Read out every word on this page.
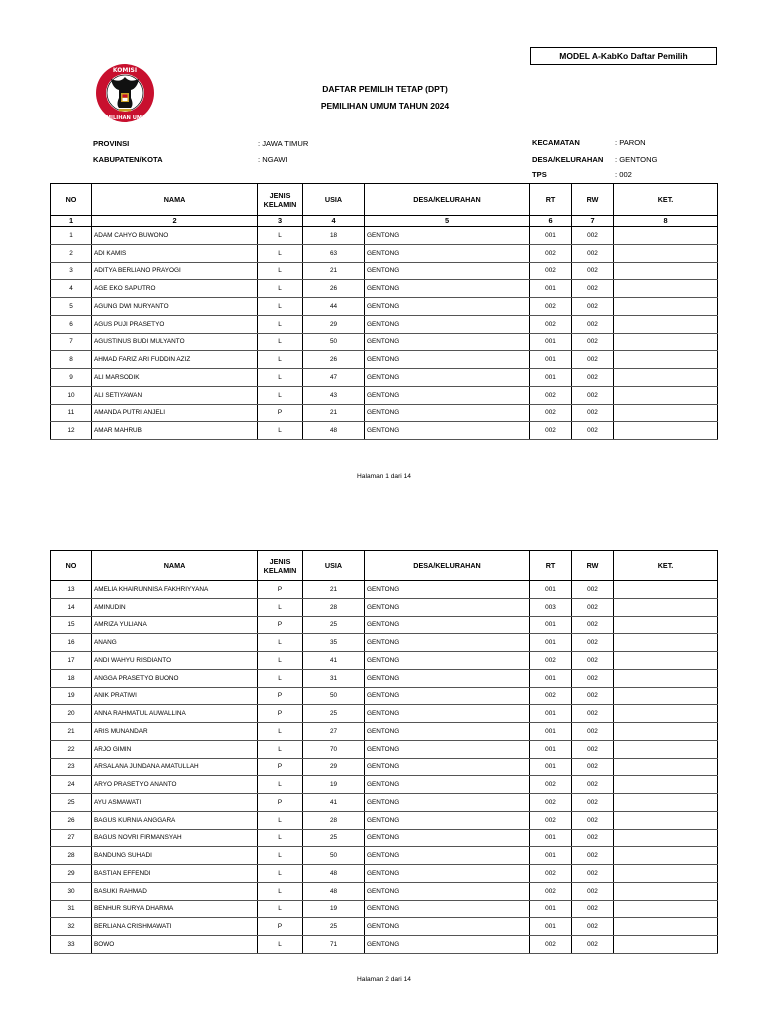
MODEL A-KabKo Daftar Pemilih
KOMISI
PEMILIHAN UMUM
DAFTAR PEMILIH TETAP (DPT)
PEMILIHAN UMUM TAHUN 2024
PROVINSI	: JAWA TIMUR
KABUPATEN/KOTA	: NGAWI
KECAMATAN	: PARON
DESA/KELURAHAN : GENTONG
TPS	: 002
NO	NAMA	JENIS KELAMIN	USIA	DESA/KELURAHAN	RT	RW	KET.
1	2	3	4	5	6	7	8
1	ADAM CAHYO BUWONO	L	18	GENTONG	001	002	
2	ADI KAMIS	L	63	GENTONG	002	002	
3	ADITYA BERLIANO PRAYOGI	L	21	GENTONG	002	002	
4	AGE EKO SAPUTRO	L	26	GENTONG	001	002	
5	AGUNG DWI NURYANTO	L	44	GENTONG	002	002	
6	AGUS PUJI PRASETYO	L	29	GENTONG	002	002	
7	AGUSTINUS BUDI MULYANTO	L	50	GENTONG	001	002	
8	AHMAD FARIZ ARI FUDDIN AZIZ	L	26	GENTONG	001	002	
9	ALI MARSODIK	L	47	GENTONG	001	002	
10	ALI SETIYAWAN	L	43	GENTONG	002	002	
11	AMANDA PUTRI ANJELI	P	21	GENTONG	002	002	
12	AMAR MAHRUB	L	48	GENTONG	002	002	
Halaman 1 dari 14
NO	NAMA	JENIS KELAMIN	USIA	DESA/KELURAHAN	RT	RW	KET.
13	AMELIA KHAIRUNNISA FAKHRIYYANA	P	21	GENTONG	001	002	
14	AMINUDIN	L	28	GENTONG	003	002	
15	AMRIZA YULIANA	P	25	GENTONG	001	002	
16	ANANG	L	35	GENTONG	001	002	
17	ANDI WAHYU RISDIANTO	L	41	GENTONG	002	002	
18	ANGGA PRASETYO BUONO	L	31	GENTONG	001	002	
19	ANIK PRATIWI	P	50	GENTONG	002	002	
20	ANNA RAHMATUL AUWALLINA	P	25	GENTONG	001	002	
21	ARIS MUNANDAR	L	27	GENTONG	001	002	
22	ARJO GIMIN	L	70	GENTONG	001	002	
23	ARSALANA JUNDANA AMATULLAH	P	29	GENTONG	001	002	
24	ARYO PRASETYO ANANTO	L	19	GENTONG	002	002	
25	AYU ASMAWATI	P	41	GENTONG	002	002	
26	BAGUS KURNIA ANGGARA	L	28	GENTONG	002	002	
27	BAGUS NOVRI FIRMANSYAH	L	25	GENTONG	001	002	
28	BANDUNG SUHADI	L	50	GENTONG	001	002	
29	BASTIAN EFFENDI	L	48	GENTONG	002	002	
30	BASUKI RAHMAD	L	48	GENTONG	002	002	
31	BENHUR SURYA DHARMA	L	19	GENTONG	001	002	
32	BERLIANA CRISHMAWATI	P	25	GENTONG	001	002	
33	BOWO	L	71	GENTONG	002	002	
Halaman 2 dari 14
